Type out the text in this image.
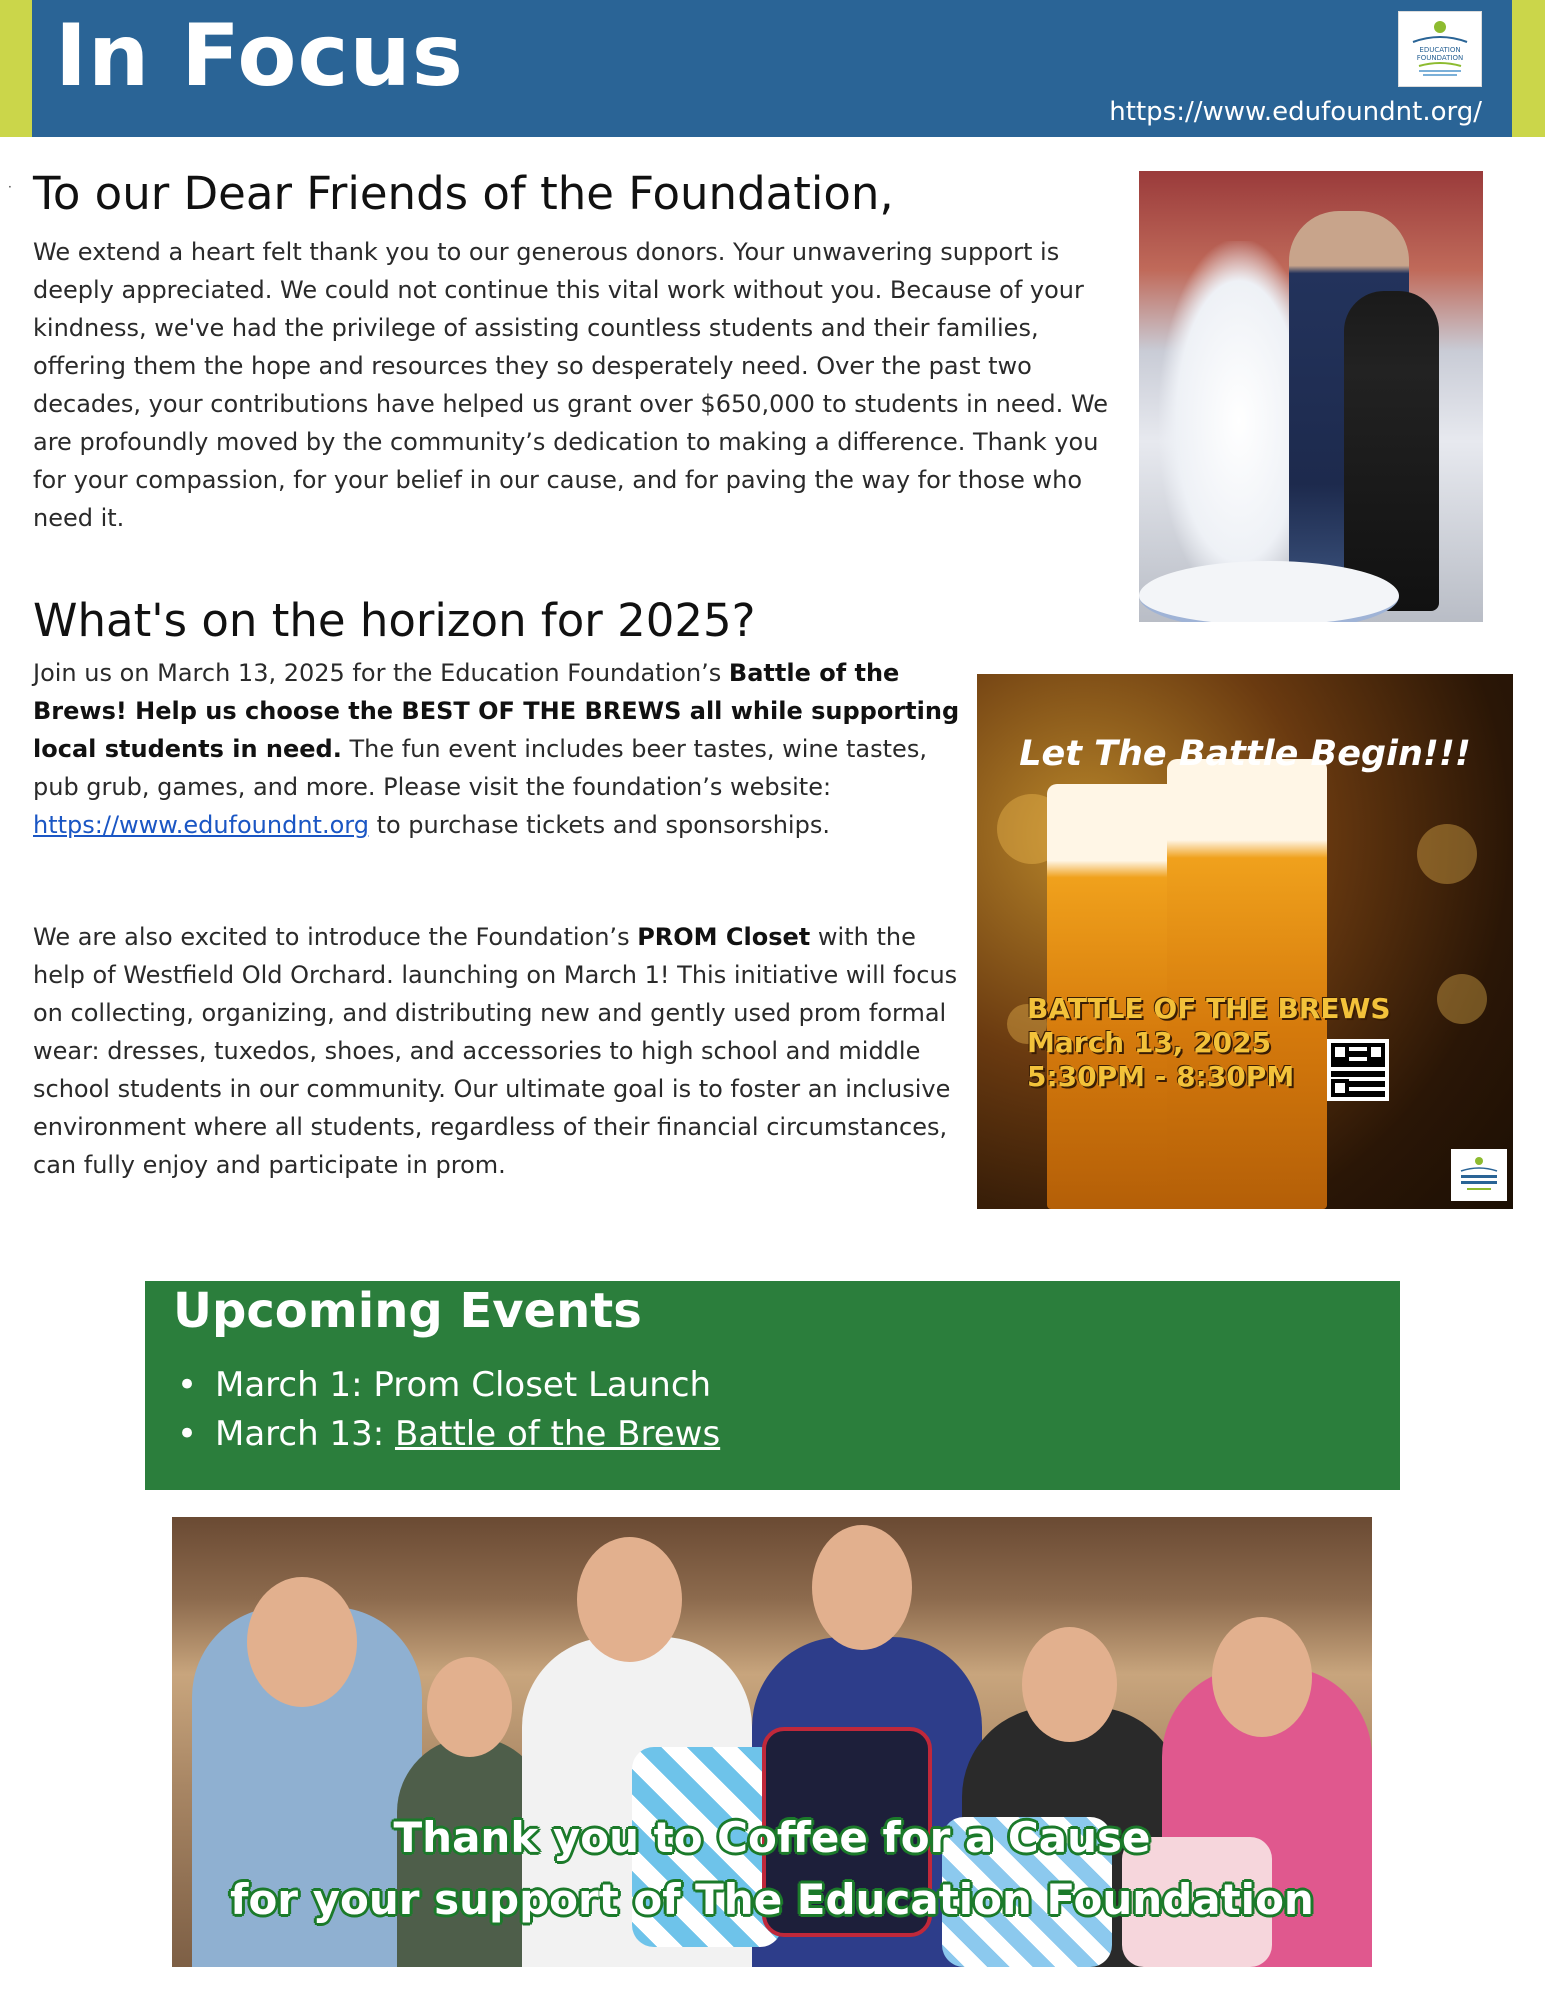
In Focus	EDUCATION
FOUNDATION
https://www.edufoundnt.org/
· To our Dear Friends of the Foundation,
We extend a heart felt thank you to our generous donors. Your unwavering support is deeply appreciated. We could not continue this vital work without you. Because of your kindness, we've had the privilege of assisting countless students and their families, offering them the hope and resources they so desperately need. Over the past two decades, your contributions have helped us grant over $650,000 to students in need. We are profoundly moved by the community’s dedication to making a difference. Thank you for your compassion, for your belief in our cause, and for paving the way for those who need it.
What's on the horizon for 2025?
Join us on March 13, 2025 for the Education Foundation’s Battle of the Brews! Help us choose the BEST OF THE BREWS all while supporting local students in need. The fun event includes beer tastes, wine tastes, pub grub, games, and more. Please visit the foundation’s website: https://www.edufoundnt.org to purchase tickets and sponsorships.
We are also excited to introduce the Foundation’s PROM Closet with the help of Westfield Old Orchard. launching on March 1! This initiative will focus on collecting, organizing, and distributing new and gently used prom formal wear: dresses, tuxedos, shoes, and accessories to high school and middle school students in our community. Our ultimate goal is to foster an inclusive environment where all students, regardless of their financial circumstances, can fully enjoy and participate in prom.
Let The Battle Begin!!!
BATTLE OF THE BREWS
March 13, 2025
5:30PM - 8:30PM
Upcoming Events
• March 1: Prom Closet Launch
• March 13: Battle of the Brews
Thank you to Coffee for a Cause
for your support of The Education Foundation
